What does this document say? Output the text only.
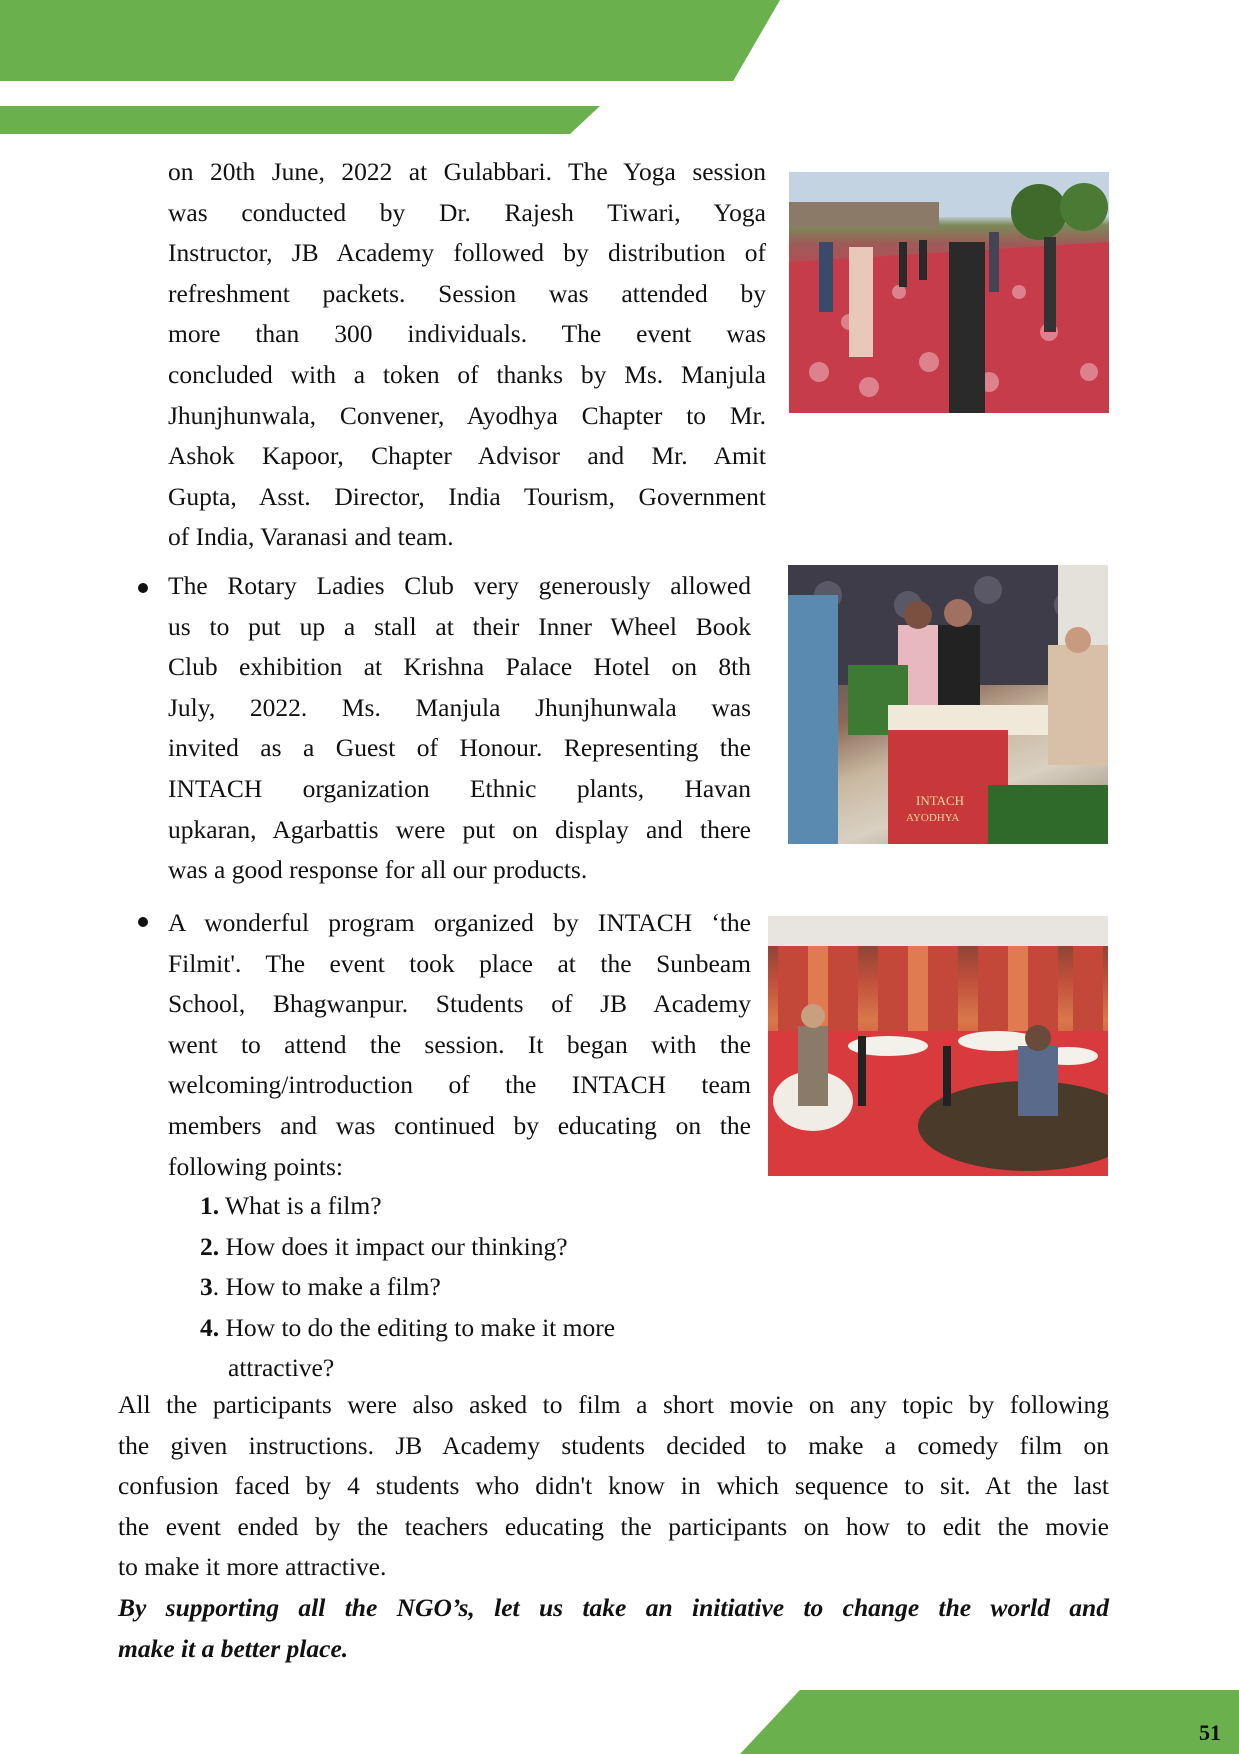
51
on 20th June, 2022 at Gulabbari. The Yoga session
was conducted by Dr. Rajesh Tiwari, Yoga
Instructor, JB Academy followed by distribution of
refreshment packets. Session was attended by
more than 300 individuals. The event was
concluded with a token of thanks by Ms. Manjula
Jhunjhunwala, Convener, Ayodhya Chapter to Mr.
Ashok Kapoor, Chapter Advisor and Mr. Amit
Gupta, Asst. Director, India Tourism, Government
of India, Varanasi and team.
The Rotary Ladies Club very generously allowed
us to put up a stall at their Inner Wheel Book
Club exhibition at Krishna Palace Hotel on 8th
July, 2022. Ms. Manjula Jhunjhunwala was
invited as a Guest of Honour. Representing the
INTACH organization Ethnic plants, Havan
upkaran, Agarbattis were put on display and there
was a good response for all our products.
INTACH
AYODHYA
A wonderful program organized by INTACH ‘the
Filmit'. The event took place at the Sunbeam
School, Bhagwanpur. Students of JB Academy
went to attend the session. It began with the
welcoming/introduction of the INTACH team
members and was continued by educating on the
following points:
1. What is a film?
2. How does it impact our thinking?
3. How to make a film?
4. How to do the editing to make it more
attractive?
All the participants were also asked to film a short movie on any topic by following
the given instructions. JB Academy students decided to make a comedy film on
confusion faced by 4 students who didn't know in which sequence to sit. At the last
the event ended by the teachers educating the participants on how to edit the movie
to make it more attractive.
By supporting all the NGO’s, let us take an initiative to change the world and
make it a better place.
